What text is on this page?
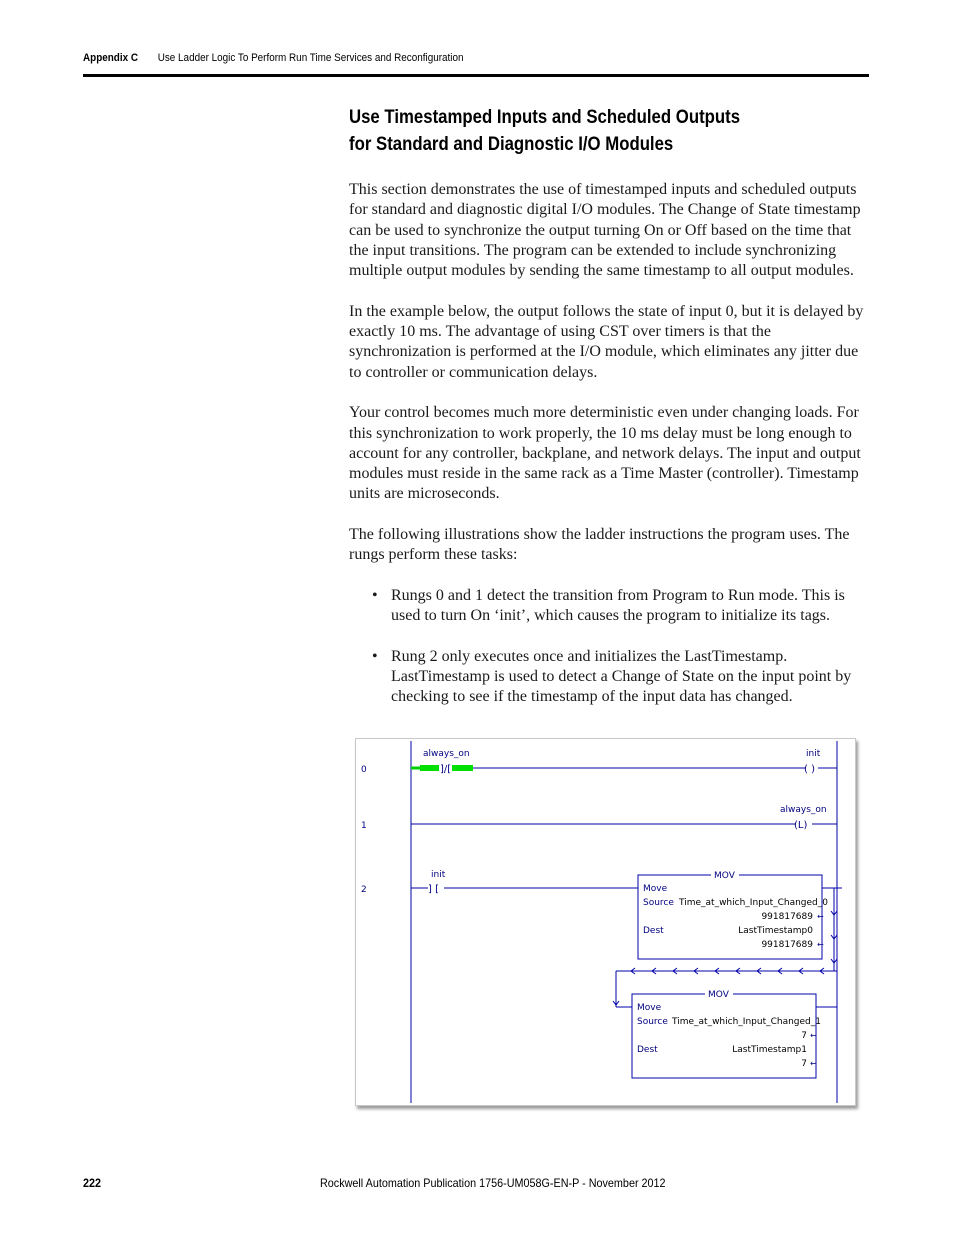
Appendix C Use Ladder Logic To Perform Run Time Services and Reconfiguration
Use Timestamped Inputs and Scheduled Outputs
for Standard and Diagnostic I/O Modules

This section demonstrates the use of timestamped inputs and scheduled outputs for standard and diagnostic digital I/O modules. The Change of State timestamp can be used to synchronize the output turning On or Off based on the time that the input transitions. The program can be extended to include synchronizing multiple output modules by sending the same timestamp to all output modules.

In the example below, the output follows the state of input 0, but it is delayed by exactly 10 ms. The advantage of using CST over timers is that the synchronization is performed at the I/O module, which eliminates any jitter due to controller or communication delays.

Your control becomes much more deterministic even under changing loads. For this synchronization to work properly, the 10 ms delay must be long enough to account for any controller, backplane, and network delays. The input and output modules must reside in the same rack as a Time Master (controller). Timestamp units are microseconds.

The following illustrations show the ladder instructions the program uses. The rungs perform these tasks:

• Rungs 0 and 1 detect the transition from Program to Run mode. This is used to turn On ‘init’, which causes the program to initialize its tags.
• Rung 2 only executes once and initializes the LastTimestamp. LastTimestamp is used to detect a Change of State on the input point by checking to see if the timestamp of the input data has changed.
0
1
2
always_on
]/[
init
( )
always_on
(L)
init
] [
MOV
Move
Source Time_at_which_Input_Changed_0
991817689 ←
Dest	LastTimestamp0
991817689 ←
MOV
Move
Source Time_at_which_Input_Changed_1
7 ←
Dest	LastTimestamp1
7 ←
222	Rockwell Automation Publication 1756-UM058G-EN-P - November 2012
